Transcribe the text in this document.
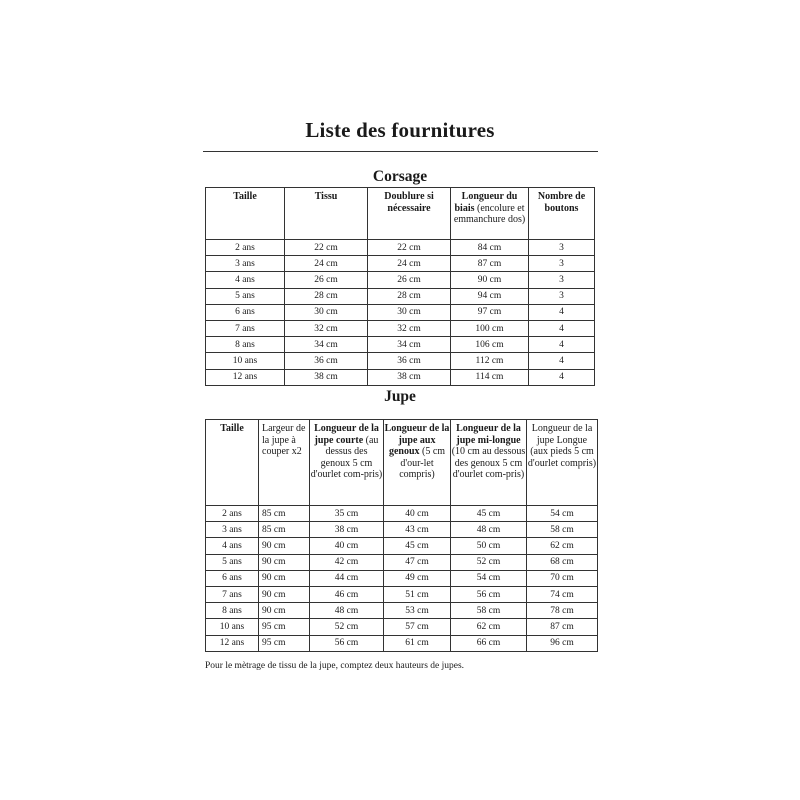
Liste des fournitures
Corsage
Taille	Tissu	Doublure si nécessaire	Longueur du biais (encolure et emmanchure dos)	Nombre de boutons
2 ans	22 cm	22 cm	84 cm	3
3 ans	24 cm	24 cm	87 cm	3
4 ans	26 cm	26 cm	90 cm	3
5 ans	28 cm	28 cm	94 cm	3
6 ans	30 cm	30 cm	97 cm	4
7 ans	32 cm	32 cm	100 cm	4
8 ans	34 cm	34 cm	106 cm	4
10 ans	36 cm	36 cm	112 cm	4
12 ans	38 cm	38 cm	114 cm	4
Jupe
Taille	Largeur de la jupe à couper x2	Longueur de la jupe courte (au dessus des genoux 5 cm d'ourlet com-pris)	Longueur de la jupe aux genoux (5 cm d'our-let compris)	Longueur de la jupe mi-longue (10 cm au dessous des genoux 5 cm d'ourlet com-pris)	Longueur de la jupe Longue (aux pieds 5 cm d'ourlet compris)
2 ans	85 cm	35 cm	40 cm	45 cm	54 cm
3 ans	85 cm	38 cm	43 cm	48 cm	58 cm
4 ans	90 cm	40 cm	45 cm	50 cm	62 cm
5 ans	90 cm	42 cm	47 cm	52 cm	68 cm
6 ans	90 cm	44 cm	49 cm	54 cm	70 cm
7 ans	90 cm	46 cm	51 cm	56 cm	74 cm
8 ans	90 cm	48 cm	53 cm	58 cm	78 cm
10 ans	95 cm	52 cm	57 cm	62 cm	87 cm
12 ans	95 cm	56 cm	61 cm	66 cm	96 cm
Pour le mètrage de tissu de la jupe, comptez deux hauteurs de jupes.
